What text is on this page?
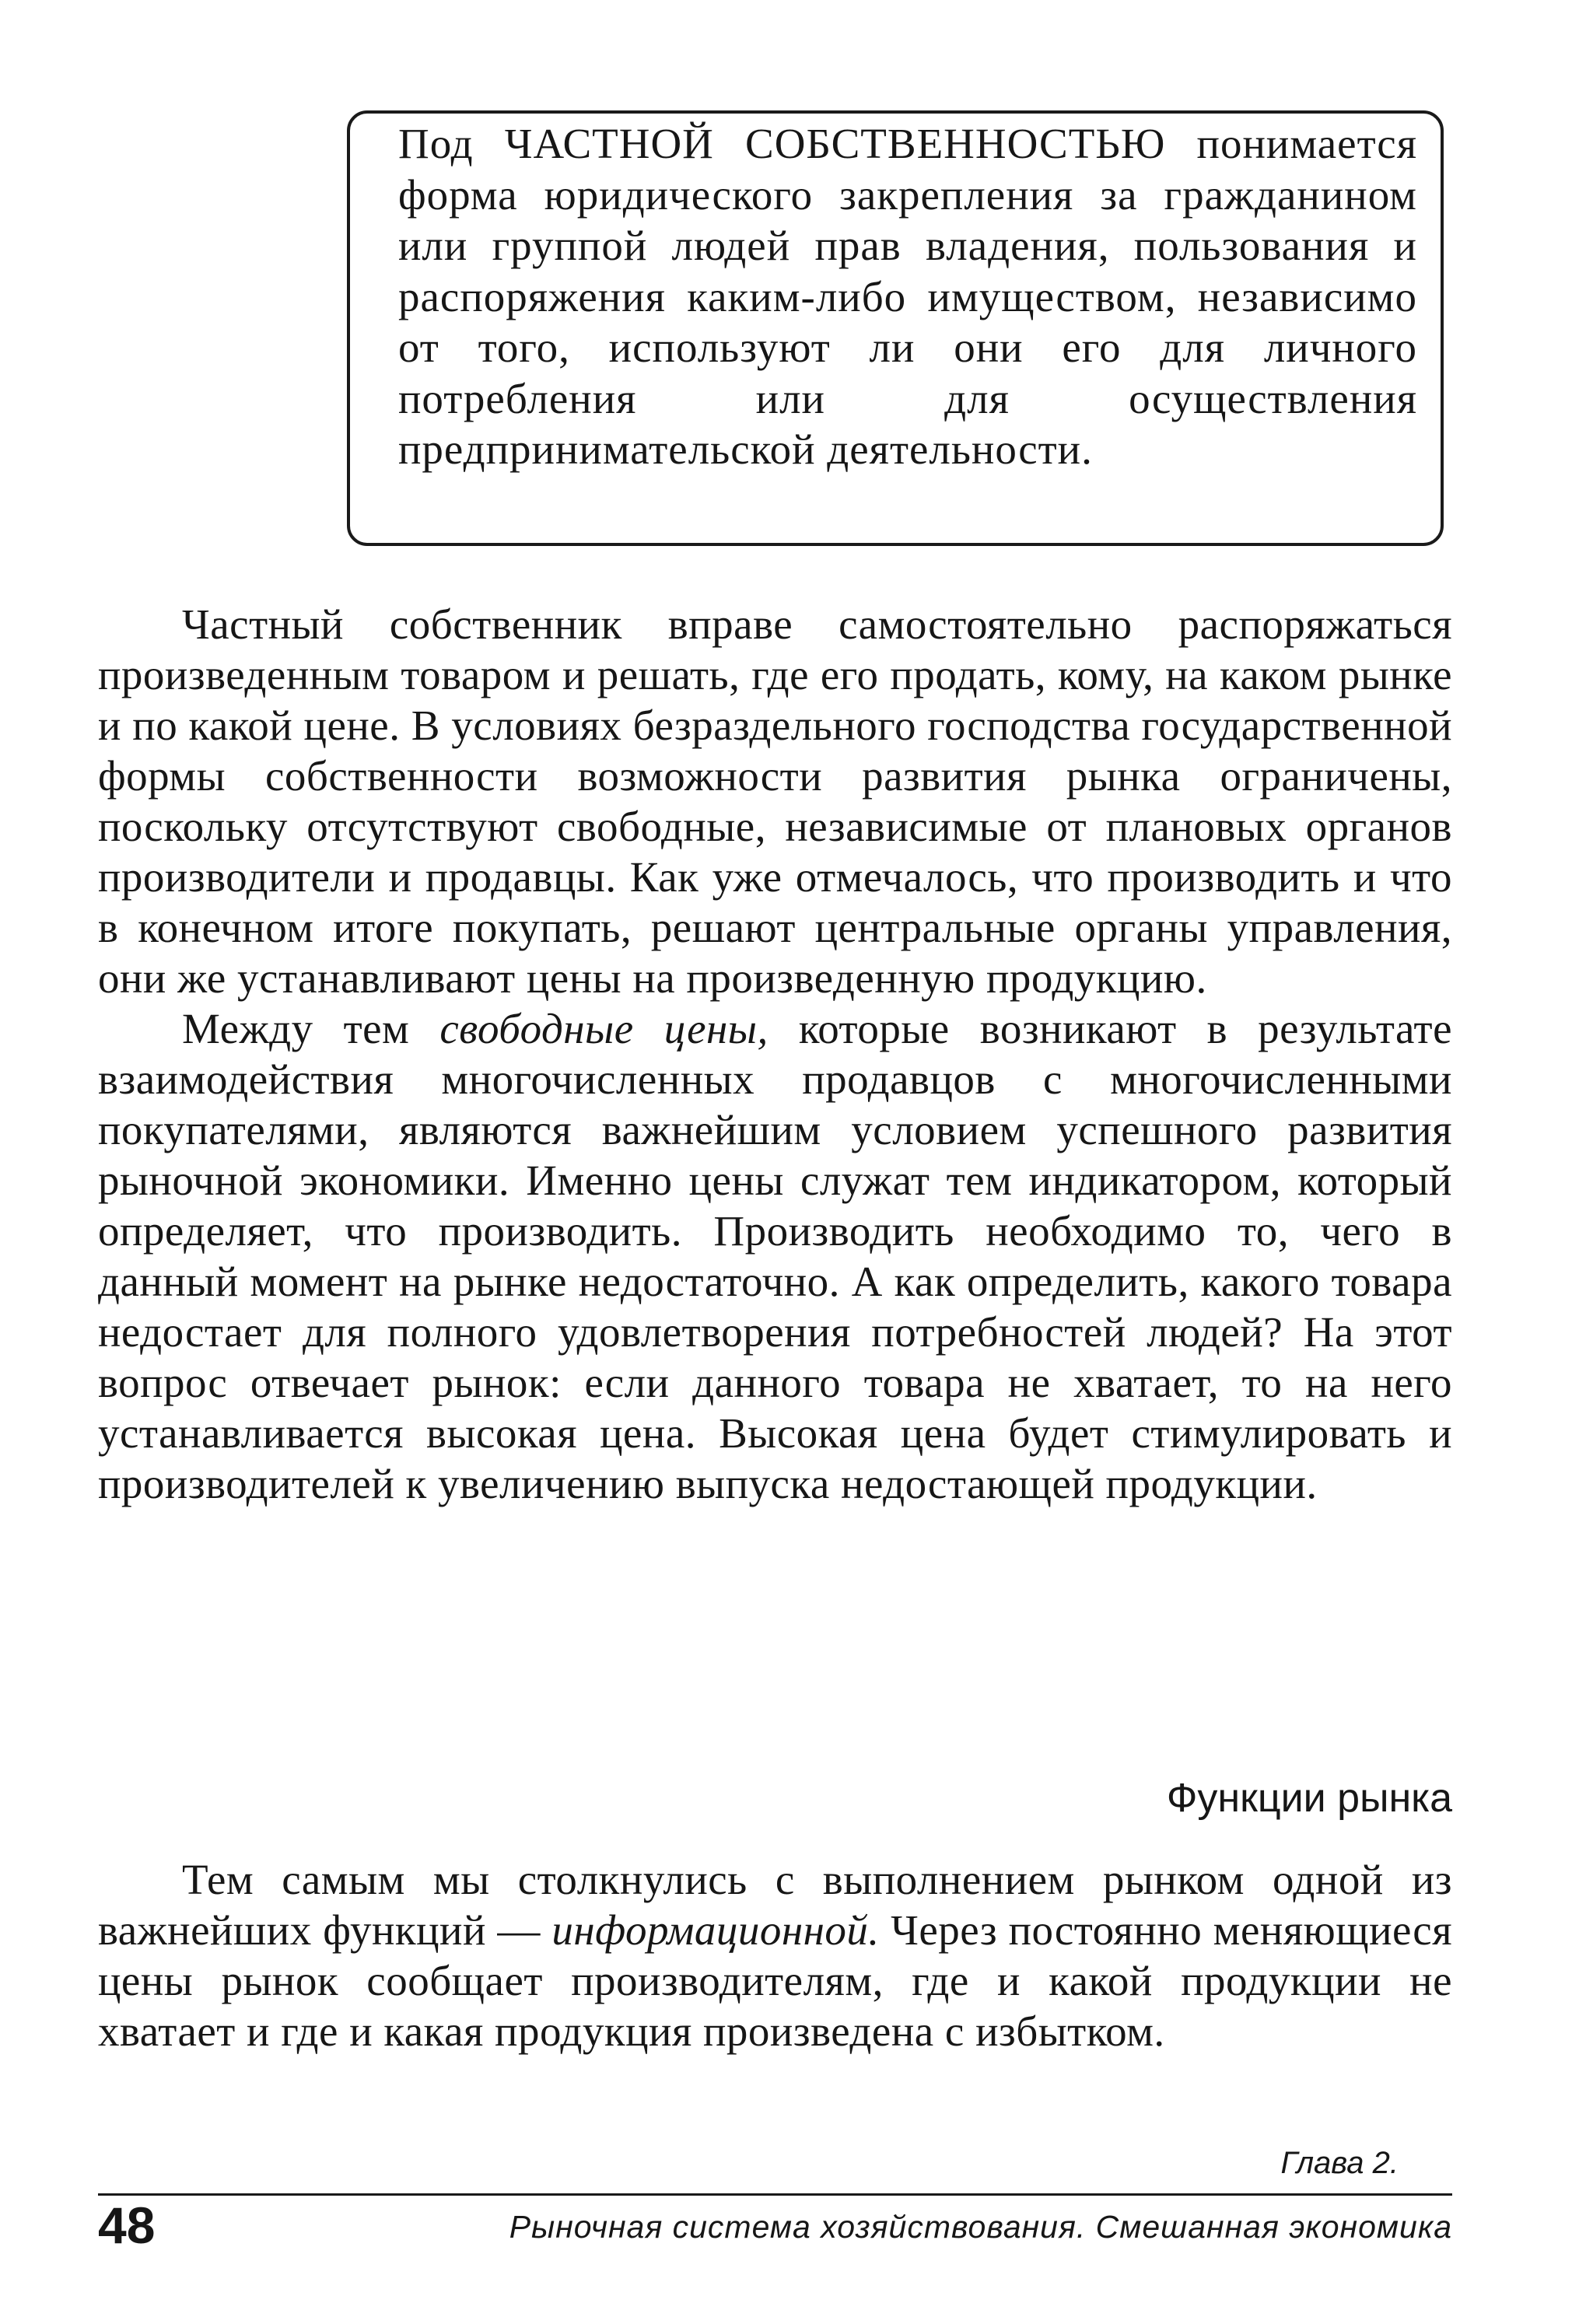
Под ЧАСТНОЙ СОБСТВЕННОСТЬЮ понимается форма юридического закрепления за гражданином или группой людей прав владения, пользования и распоряжения каким-либо имуществом, независимо от того, используют ли они его для личного потребления или для осуществления предпринимательской деятельности.

Частный собственник вправе самостоятельно распоряжаться произведенным товаром и решать, где его продать, кому, на каком рынке и по какой цене. В условиях безраздельного господства государственной формы собственности возможности развития рынка ограничены, поскольку отсутствуют свободные, независимые от плановых органов производители и продавцы. Как уже отмечалось, что производить и что в конечном итоге покупать, решают центральные органы управления, они же устанавливают цены на произведенную продукцию.

Между тем свободные цены, которые возникают в результате взаимодействия многочисленных продавцов с многочисленными покупателями, являются важнейшим условием успешного развития рыночной экономики. Именно цены служат тем индикатором, который определяет, что производить. Производить необходимо то, чего в данный момент на рынке недостаточно. А как определить, какого товара недостает для полного удовлетворения потребностей людей? На этот вопрос отвечает рынок: если данного товара не хватает, то на него устанавливается высокая цена. Высокая цена будет стимулировать и производителей к увеличению выпуска недостающей продукции.

Функции рынка

Тем самым мы столкнулись с выполнением рынком одной из важнейших функций — информационной. Через постоянно меняющиеся цены рынок сообщает производителям, где и какой продукции не хватает и где и какая продукция произведена с избытком.

Глава 2.
48	Рыночная система хозяйствования. Смешанная экономика
